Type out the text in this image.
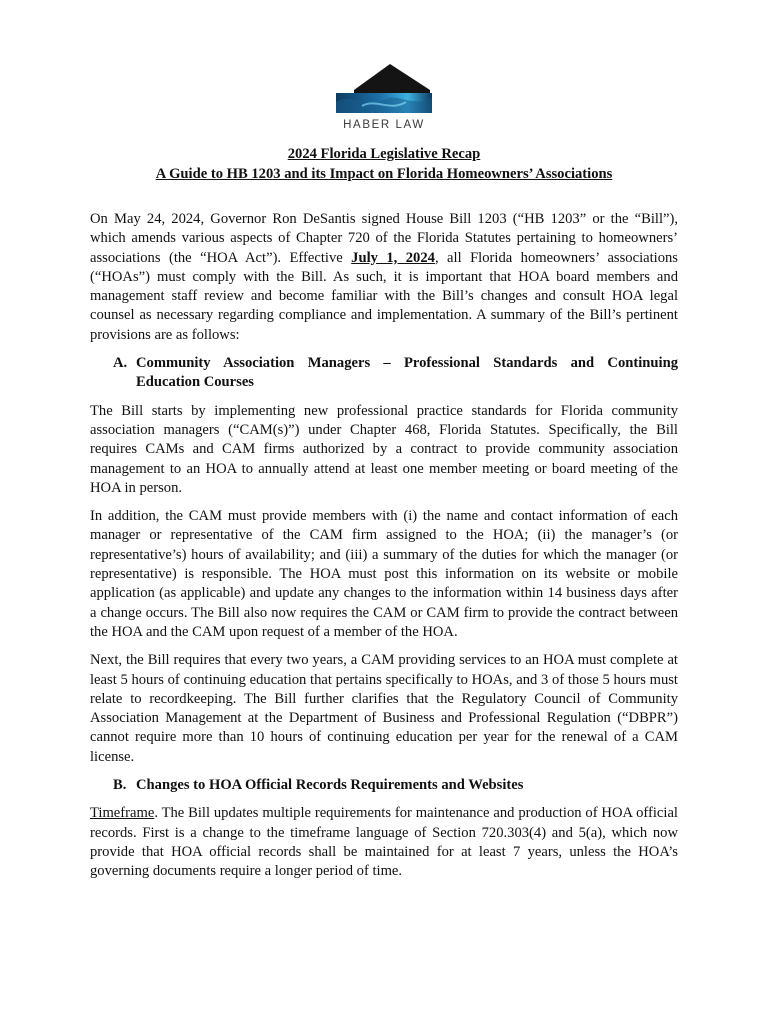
HABER LAW
2024 Florida Legislative Recap
A Guide to HB 1203 and its Impact on Florida Homeowners’ Associations

On May 24, 2024, Governor Ron DeSantis signed House Bill 1203 (“HB 1203” or the “Bill”), which amends various aspects of Chapter 720 of the Florida Statutes pertaining to homeowners’ associations (the “HOA Act”). Effective July 1, 2024, all Florida homeowners’ associations (“HOAs”) must comply with the Bill. As such, it is important that HOA board members and management staff review and become familiar with the Bill’s changes and consult HOA legal counsel as necessary regarding compliance and implementation. A summary of the Bill’s pertinent provisions are as follows:

A. Community Association Managers – Professional Standards and Continuing Education Courses

The Bill starts by implementing new professional practice standards for Florida community association managers (“CAM(s)”) under Chapter 468, Florida Statutes. Specifically, the Bill requires CAMs and CAM firms authorized by a contract to provide community association management to an HOA to annually attend at least one member meeting or board meeting of the HOA in person.

In addition, the CAM must provide members with (i) the name and contact information of each manager or representative of the CAM firm assigned to the HOA; (ii) the manager’s (or representative’s) hours of availability; and (iii) a summary of the duties for which the manager (or representative) is responsible. The HOA must post this information on its website or mobile application (as applicable) and update any changes to the information within 14 business days after a change occurs. The Bill also now requires the CAM or CAM firm to provide the contract between the HOA and the CAM upon request of a member of the HOA.

Next, the Bill requires that every two years, a CAM providing services to an HOA must complete at least 5 hours of continuing education that pertains specifically to HOAs, and 3 of those 5 hours must relate to recordkeeping. The Bill further clarifies that the Regulatory Council of Community Association Management at the Department of Business and Professional Regulation (“DBPR”) cannot require more than 10 hours of continuing education per year for the renewal of a CAM license.

B. Changes to HOA Official Records Requirements and Websites

Timeframe. The Bill updates multiple requirements for maintenance and production of HOA official records. First is a change to the timeframe language of Section 720.303(4) and 5(a), which now provide that HOA official records shall be maintained for at least 7 years, unless the HOA’s governing documents require a longer period of time.
